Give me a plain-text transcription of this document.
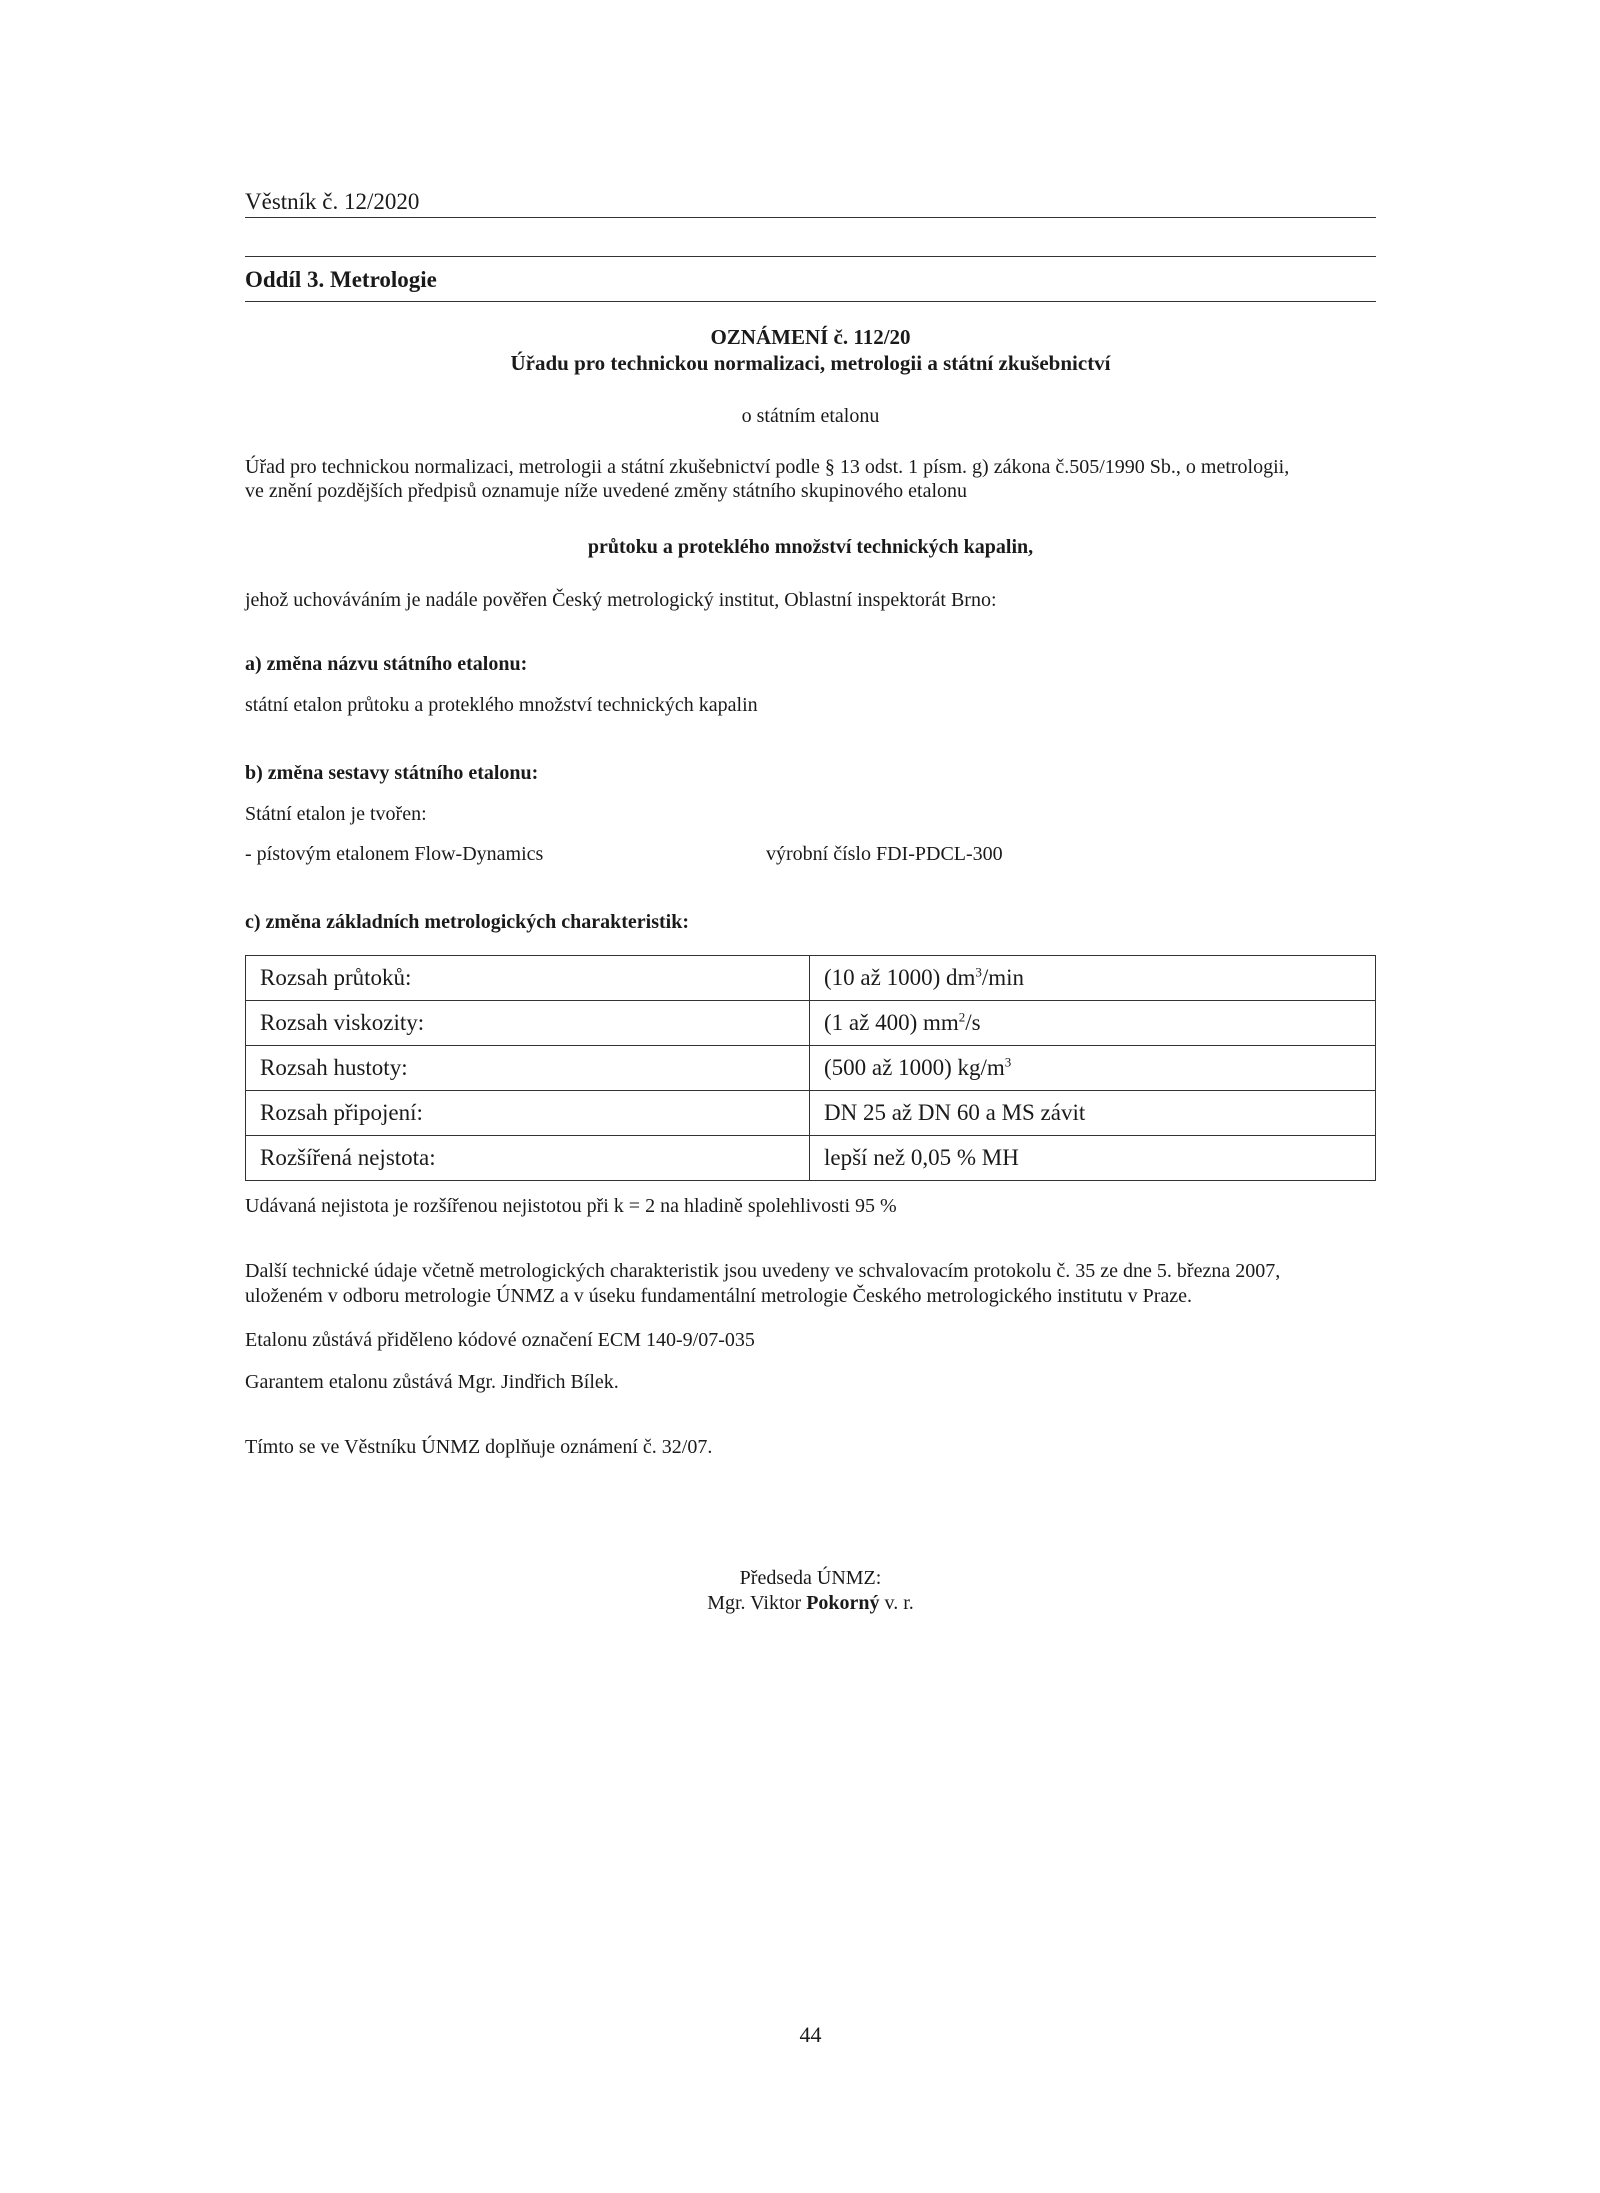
Věstník č. 12/2020
Oddíl 3. Metrologie
OZNÁMENÍ č. 112/20
Úřadu pro technickou normalizaci, metrologii a státní zkušebnictví
o státním etalonu
Úřad pro technickou normalizaci, metrologii a státní zkušebnictví podle § 13 odst. 1 písm. g) zákona č.505/1990 Sb., o metrologii,
ve znění pozdějších předpisů oznamuje níže uvedené změny státního skupinového etalonu
průtoku a proteklého množství technických kapalin,
jehož uchováváním je nadále pověřen Český metrologický institut, Oblastní inspektorát Brno:
a) změna názvu státního etalonu:
státní etalon průtoku a proteklého množství technických kapalin
b) změna sestavy státního etalonu:
Státní etalon je tvořen:
- pístovým etalonem Flow-Dynamics	výrobní číslo FDI-PDCL-300
c) změna základních metrologických charakteristik:
Rozsah průtoků:	(10 až 1000) $dm^3/\min$
Rozsah viskozity:	(1 až 400) $mm^2/s$
Rozsah hustoty:	(500 až 1000) $kg/m^3$
Rozsah připojení:	DN 25 až DN 60 a MS závit
Rozšířená nejstota:	lepší než 0,05 % MH
Udávaná nejistota je rozšířenou nejistotou při k = 2 na hladině spolehlivosti 95 %
Další technické údaje včetně metrologických charakteristik jsou uvedeny ve schvalovacím protokolu č. 35 ze dne 5. března 2007,
uloženém v odboru metrologie ÚNMZ a v úseku fundamentální metrologie Českého metrologického institutu v Praze.
Etalonu zůstává přiděleno kódové označení ECM 140-9/07-035
Garantem etalonu zůstává Mgr. Jindřich Bílek.
Tímto se ve Věstníku ÚNMZ doplňuje oznámení č. 32/07.
Předseda ÚNMZ:
Mgr. Viktor Pokorný v. r.
44
